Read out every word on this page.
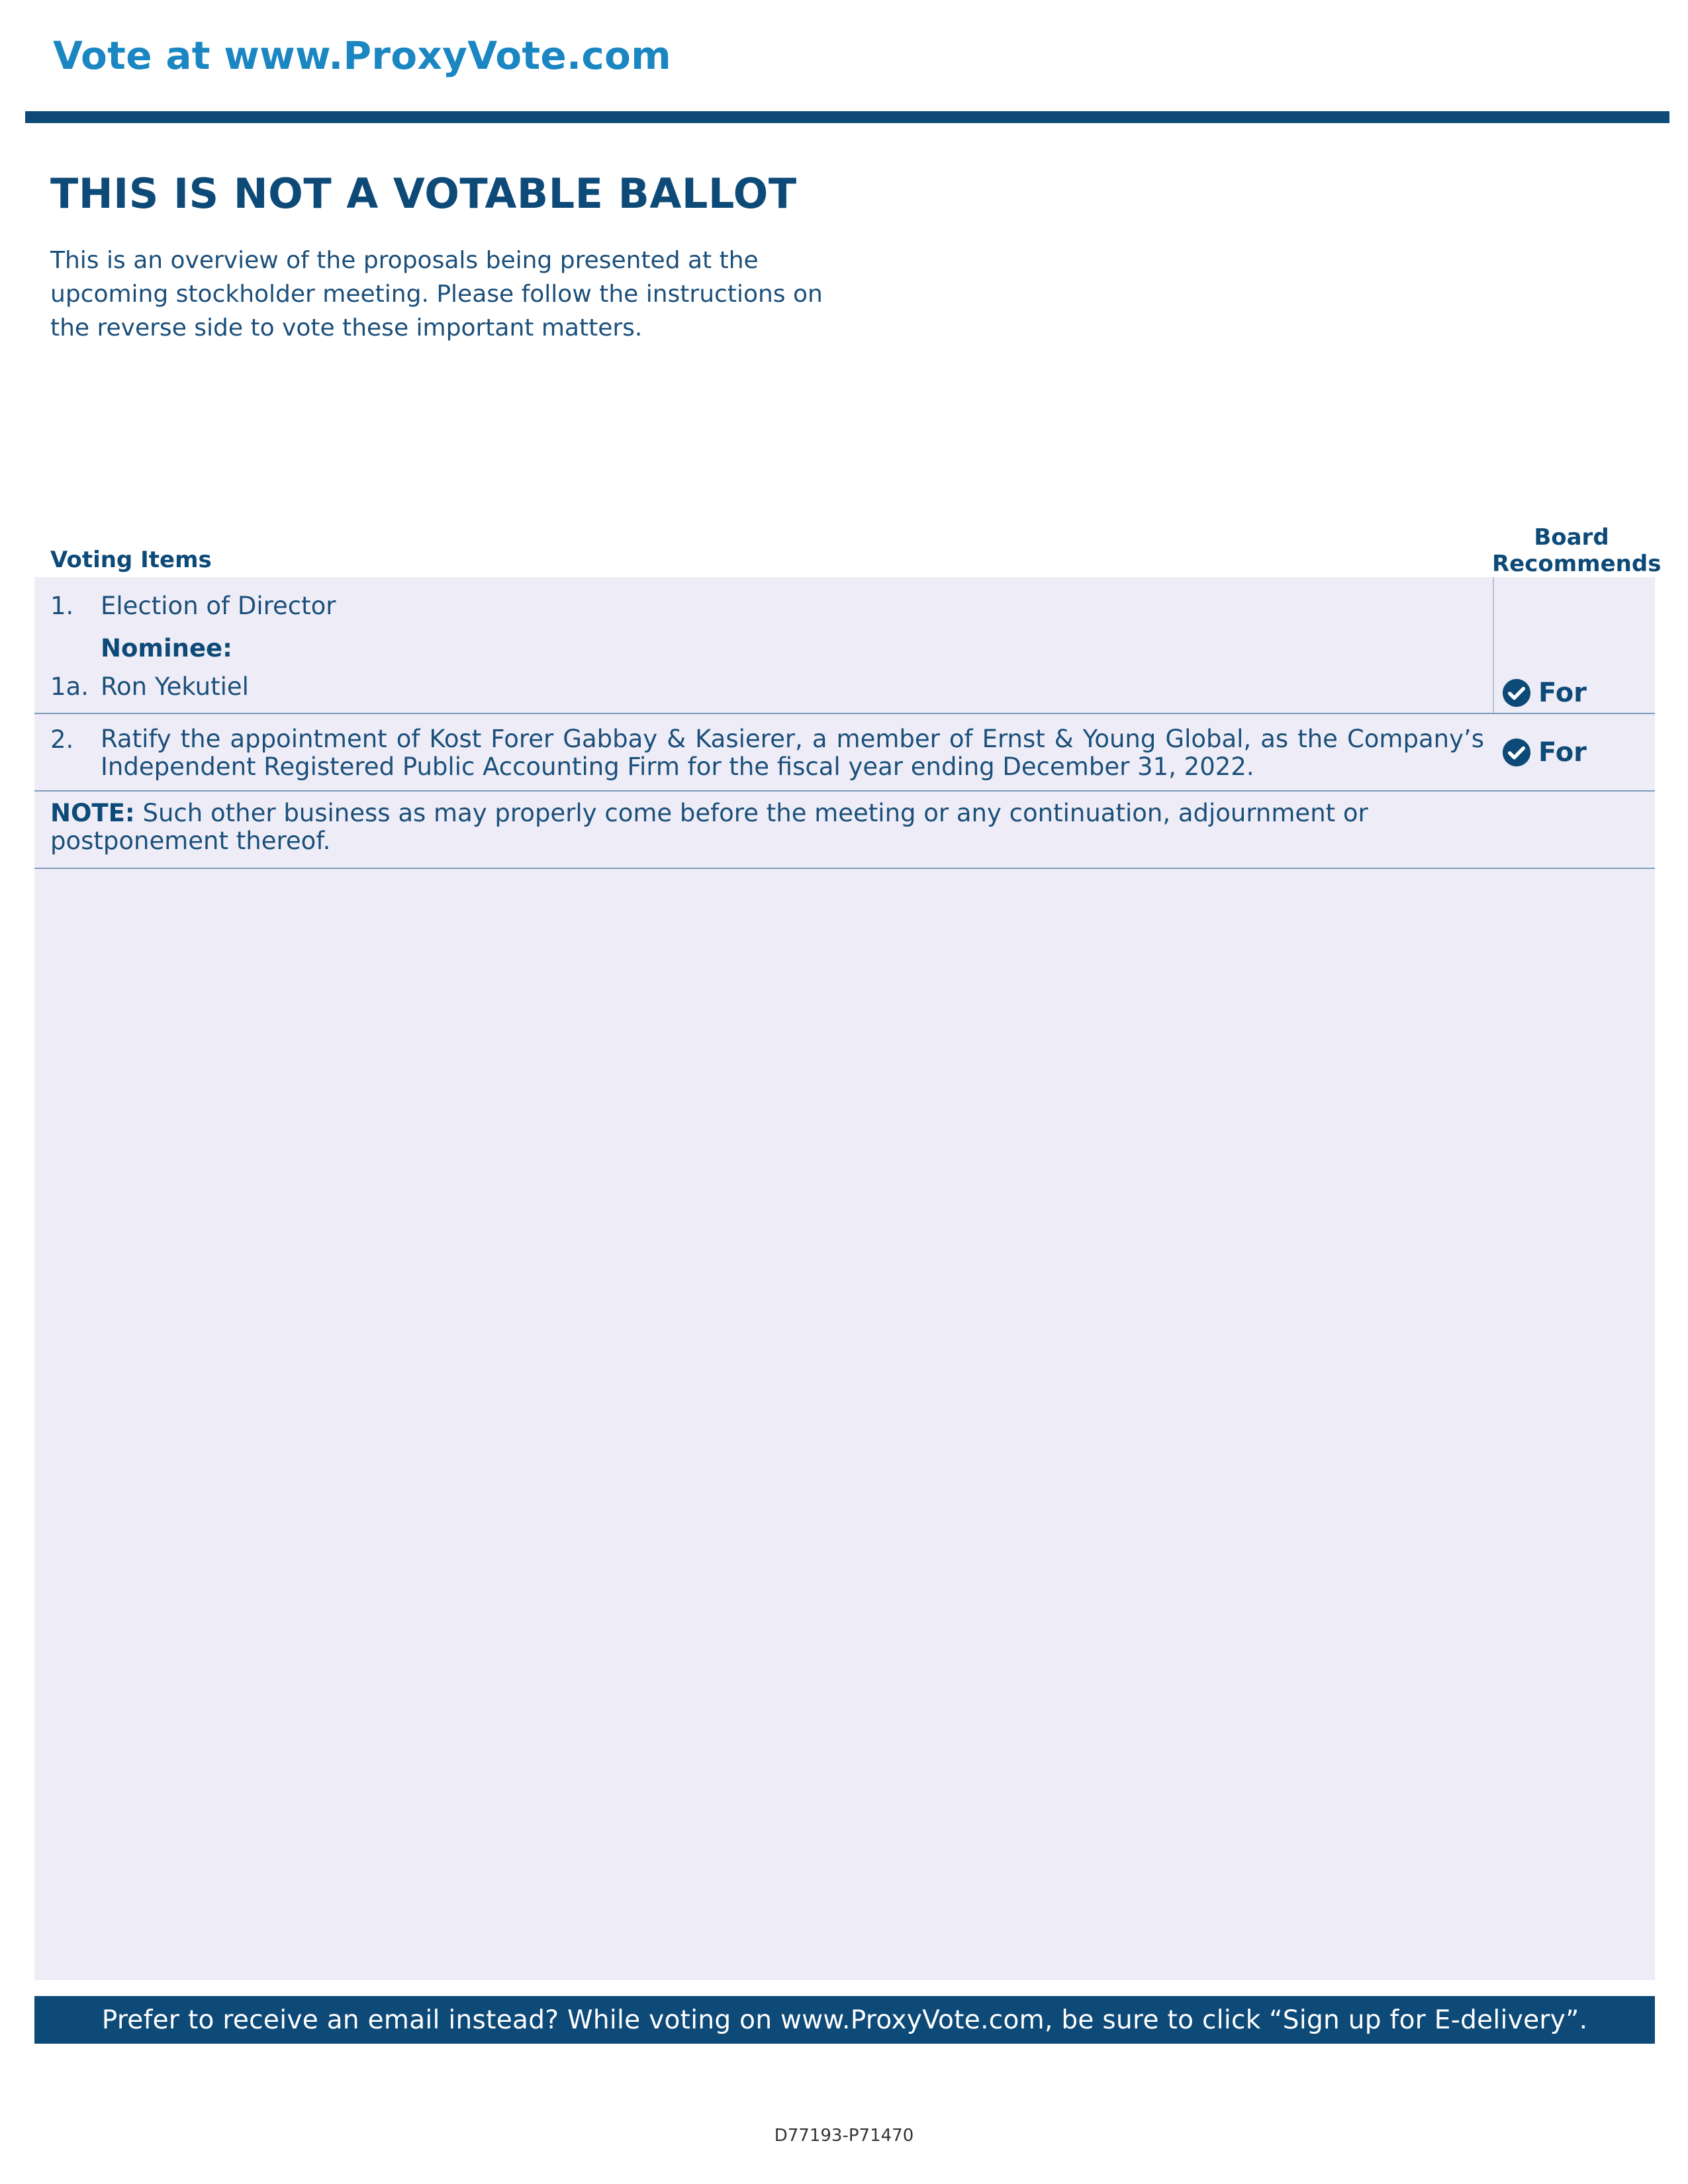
Vote at www.ProxyVote.com
THIS IS NOT A VOTABLE BALLOT
This is an overview of the proposals being presented at the
upcoming stockholder meeting. Please follow the instructions on
the reverse side to vote these important matters.
Voting Items
Board
Recommends
1. Election of Director
Nominee:
1a. Ron Yekutiel	For
2. Ratify the appointment of Kost Forer Gabbay & Kasierer, a member of Ernst & Young Global, as the Company’s Independent Registered Public Accounting Firm for the fiscal year ending December 31, 2022.	For
NOTE: Such other business as may properly come before the meeting or any continuation, adjournment or postponement thereof.
Prefer to receive an email instead? While voting on www.ProxyVote.com, be sure to click “Sign up for E-delivery”.
D77193-P71470
